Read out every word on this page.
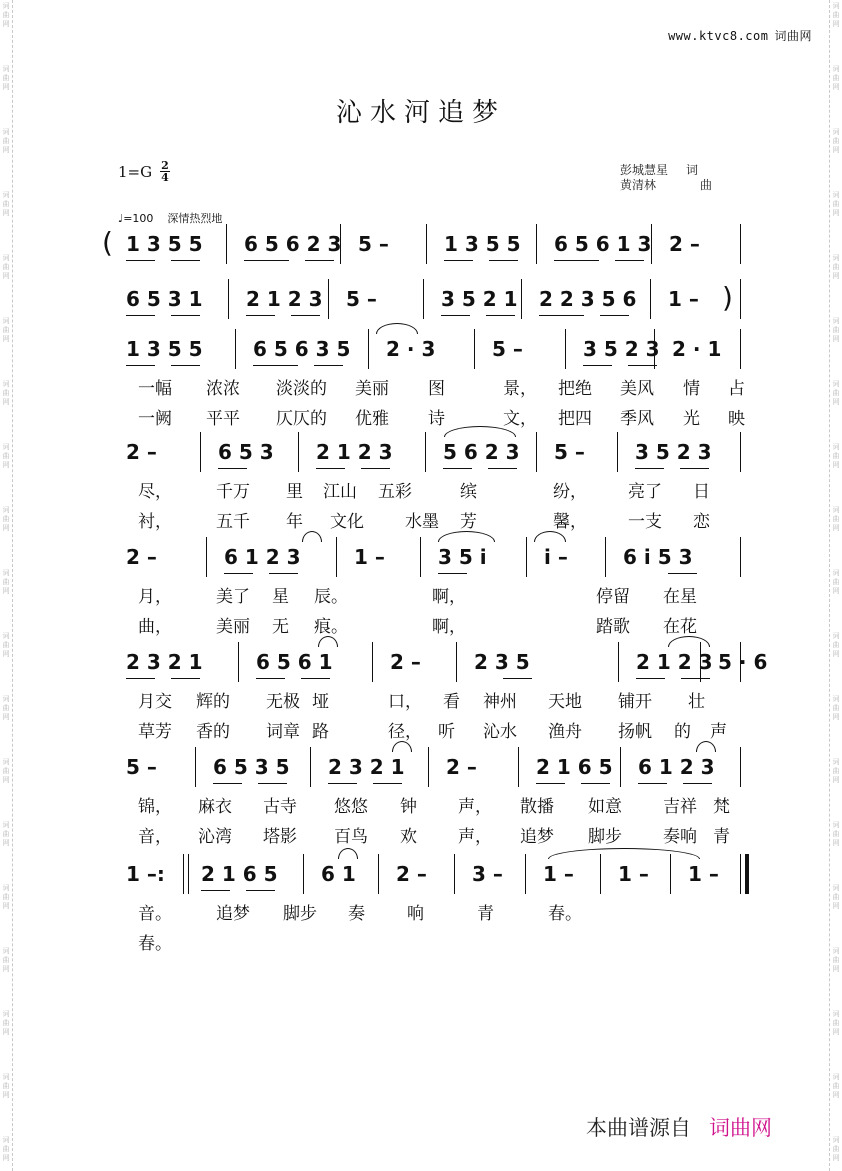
词曲网
词曲网
词曲网
词曲网
词曲网
词曲网
词曲网
词曲网
词曲网
词曲网
词曲网
词曲网
词曲网
词曲网
词曲网
词曲网
词曲网
词曲网
词曲网
词曲网
词曲网
词曲网
词曲网
词曲网
词曲网
词曲网
词曲网
词曲网
词曲网
词曲网
词曲网
词曲网
词曲网
词曲网
词曲网
词曲网
词曲网
词曲网
www.ktvc8.com 词曲网
沁水河追梦
$1=G \frac{2}{4}$	彭城慧星 词
黄清林	曲
♩=100 深情热烈地
( 1 3 5 5 6 5 6 2 3 5 –	1 3 5 5 6 5 6 1 3 2 –
)
6 5 3 1 2 1 2 3 5 –	3 5 2 1 2 2 3 5 6 1 –
1 3 5 5	6 5 6 3 5 2 · 3	5 –	3 5 2 3 2 · 1
一幅 浓浓 淡淡的 美丽 图	景， 把绝 美风 情 占
一阙 平平 仄仄的 优雅 诗	文， 把四 季风 光 映
2 –	6 5 3 2 1 2 3	5 6 2 3 5 –	3 5 2 3
尽，	千万 里 江山 五彩	缤	纷， 亮了 日
衬，	五千 年 文化 水墨 芳	馨， 一支 恋
2 –	6 1 2 3	1 –	3 5 i	i –	6 i 5 3
月，	美了 星 辰。	啊，	停留 在星
曲，	美丽 无 痕。	啊，	踏歌 在花
2 3 2 1	6 5 6 1	2 –	2 3 5	2 1 2 3 5 · 6
月交 辉的 无极 垭	口， 看 神州 天地 铺开 壮
草芳 香的 词章 路	径， 听 沁水 渔舟 扬帆 的 声
5 –	6 5 3 5 2 3 2 1 2 –	2 1 6 5 6 1 2 3
锦， 麻衣 古寺 悠悠 钟 声， 散播 如意 吉祥 梵
音， 沁湾 塔影 百鸟 欢 声， 追梦 脚步 奏响 青
1 –: 2 1 6 5 6 1 2 – 3 – 1 – 1 – 1 –
音。	追梦 脚步 奏 响	青	春。
春。
本曲谱源自 词曲网
